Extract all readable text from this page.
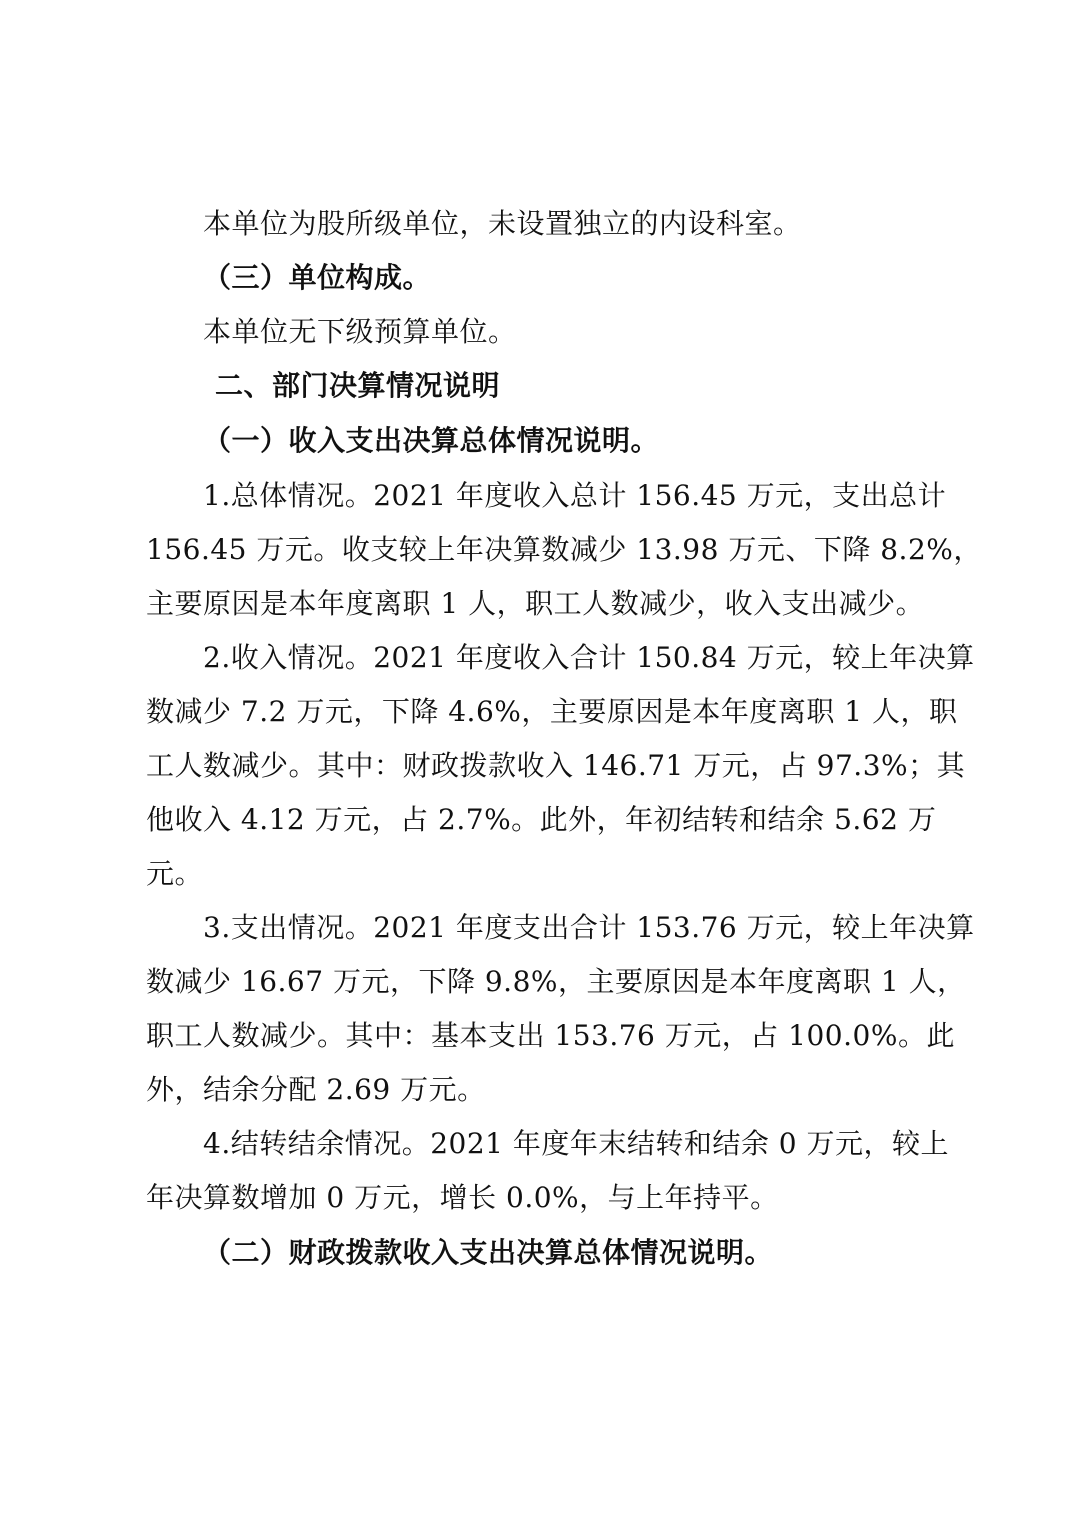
本单位为股所级单位，未设置独立的内设科室。
（三）单位构成。
本单位无下级预算单位。
二、部门决算情况说明
（一）收入支出决算总体情况说明。
1.总体情况。2021 年度收入总计 156.45 万元，支出总计
156.45 万元。收支较上年决算数减少 13.98 万元、下降 8.2%，
主要原因是本年度离职 1 人，职工人数减少，收入支出减少。
2.收入情况。2021 年度收入合计 150.84 万元，较上年决算
数减少 7.2 万元，下降 4.6%，主要原因是本年度离职 1 人，职
工人数减少。其中：财政拨款收入 146.71 万元，占 97.3%；其
他收入 4.12 万元，占 2.7%。此外，年初结转和结余 5.62 万
元。
3.支出情况。2021 年度支出合计 153.76 万元，较上年决算
数减少 16.67 万元，下降 9.8%，主要原因是本年度离职 1 人，
职工人数减少。其中：基本支出 153.76 万元，占 100.0%。此
外，结余分配 2.69 万元。
4.结转结余情况。2021 年度年末结转和结余 0 万元，较上
年决算数增加 0 万元，增长 0.0%，与上年持平。
（二）财政拨款收入支出决算总体情况说明。
